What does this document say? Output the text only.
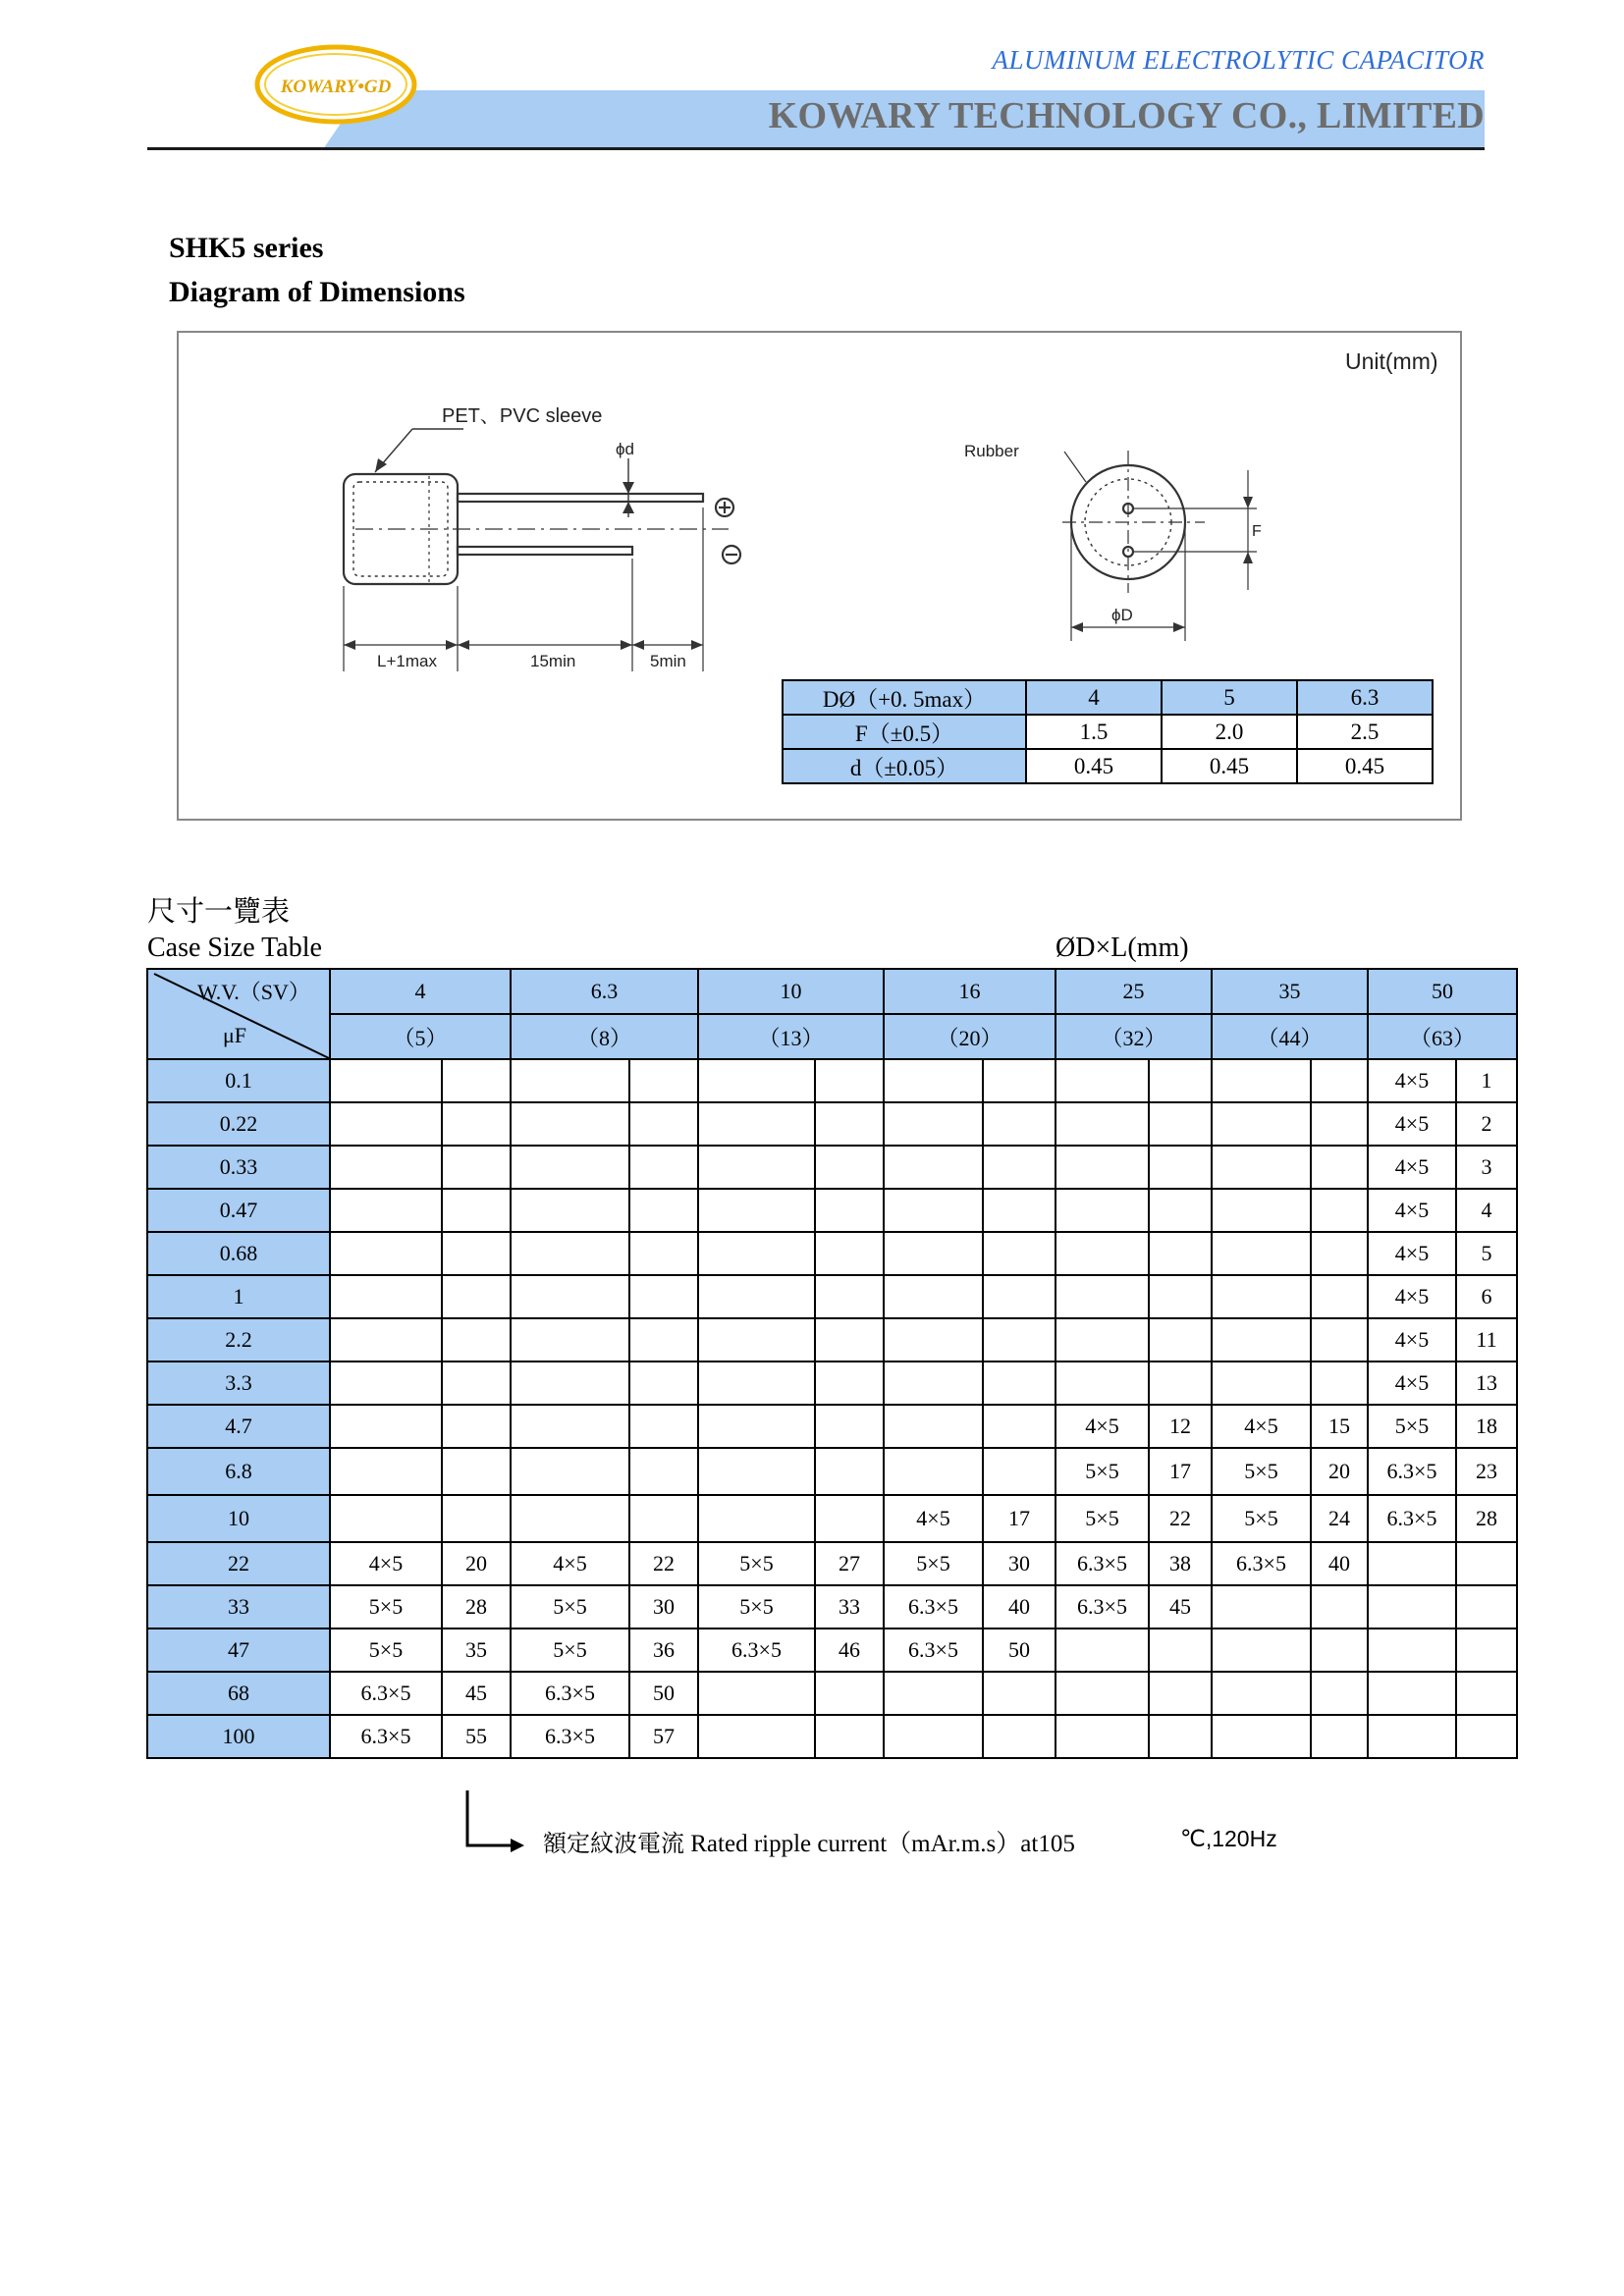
KOWARY•GD
ALUMINUM ELECTROLYTIC CAPACITOR
KOWARY TECHNOLOGY CO., LIMITED
SHK5 series
Diagram of Dimensions
Unit(mm)
PET、PVC sleeve
ϕd	Rubber
F
ϕD
L+1max	15min	5min
DØ（+0. 5max）	4	5	6.3
F（±0.5）	1.5	2.0	2.5
d（±0.05）	0.45	0.45	0.45
尺寸一覽表
Case Size Table	ØD×L(mm)
W.V.（SV）
μF	4		6.3		10		16		25		35		50	
	（5）		（8）		（13）		（20）		（32）		（44）		（63）	
0.1													4×5	1
0.22													4×5	2
0.33													4×5	3
0.47													4×5	4
0.68													4×5	5
1													4×5	6
2.2													4×5	11
3.3													4×5	13
4.7									4×5	12	4×5	15	5×5	18
6.8									5×5	17	5×5	20	6.3×5	23
10							4×5	17	5×5	22	5×5	24	6.3×5	28
22	4×5	20	4×5	22	5×5	27	5×5	30	6.3×5	38	6.3×5	40		
33	5×5	28	5×5	30	5×5	33	6.3×5	40	6.3×5	45				
47	5×5	35	5×5	36	6.3×5	46	6.3×5	50						
68	6.3×5	45	6.3×5	50										
100	6.3×5	55	6.3×5	57										
額定紋波電流 Rated ripple current（mAr.m.s）at105	℃,120Hz
